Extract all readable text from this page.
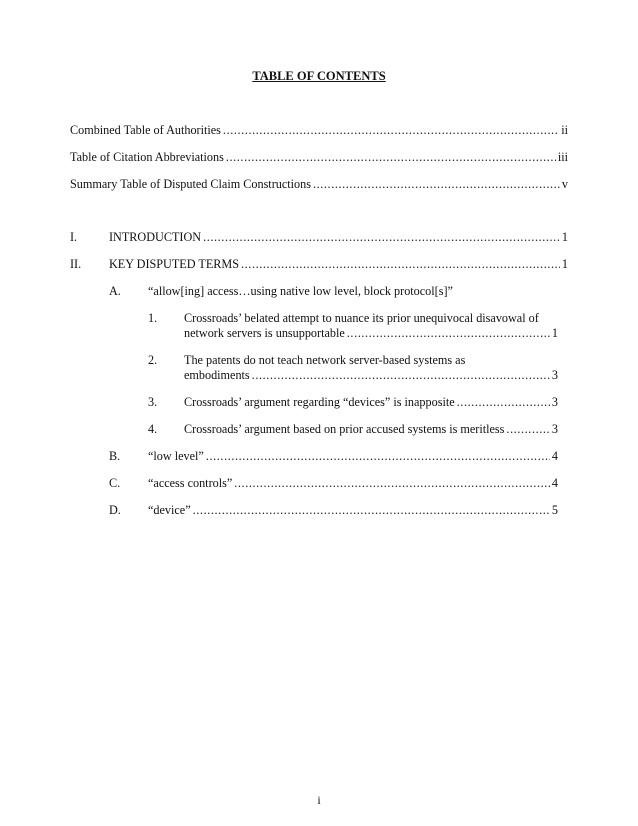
TABLE OF CONTENTS
Combined Table of Authorities .....	ii
Table of Citation Abbreviations .....	iii
Summary Table of Disputed Claim Constructions .....	v
I.	INTRODUCTION .....	1
II. KEY DISPUTED TERMS .....	1
A. “allow[ing] access…using native low level, block protocol[s]”
1. Crossroads’ belated attempt to nuance its prior unequivocal disavowal of
network servers is unsupportable .....	1
2. The patents do not teach network server-based systems as
embodiments .....	3
3. Crossroads’ argument regarding “devices” is inapposite .....	3
4. Crossroads’ argument based on prior accused systems is meritless .....	3
B. “low level” .....	4
C. “access controls” .....	4
D. “device” .....	5
i
